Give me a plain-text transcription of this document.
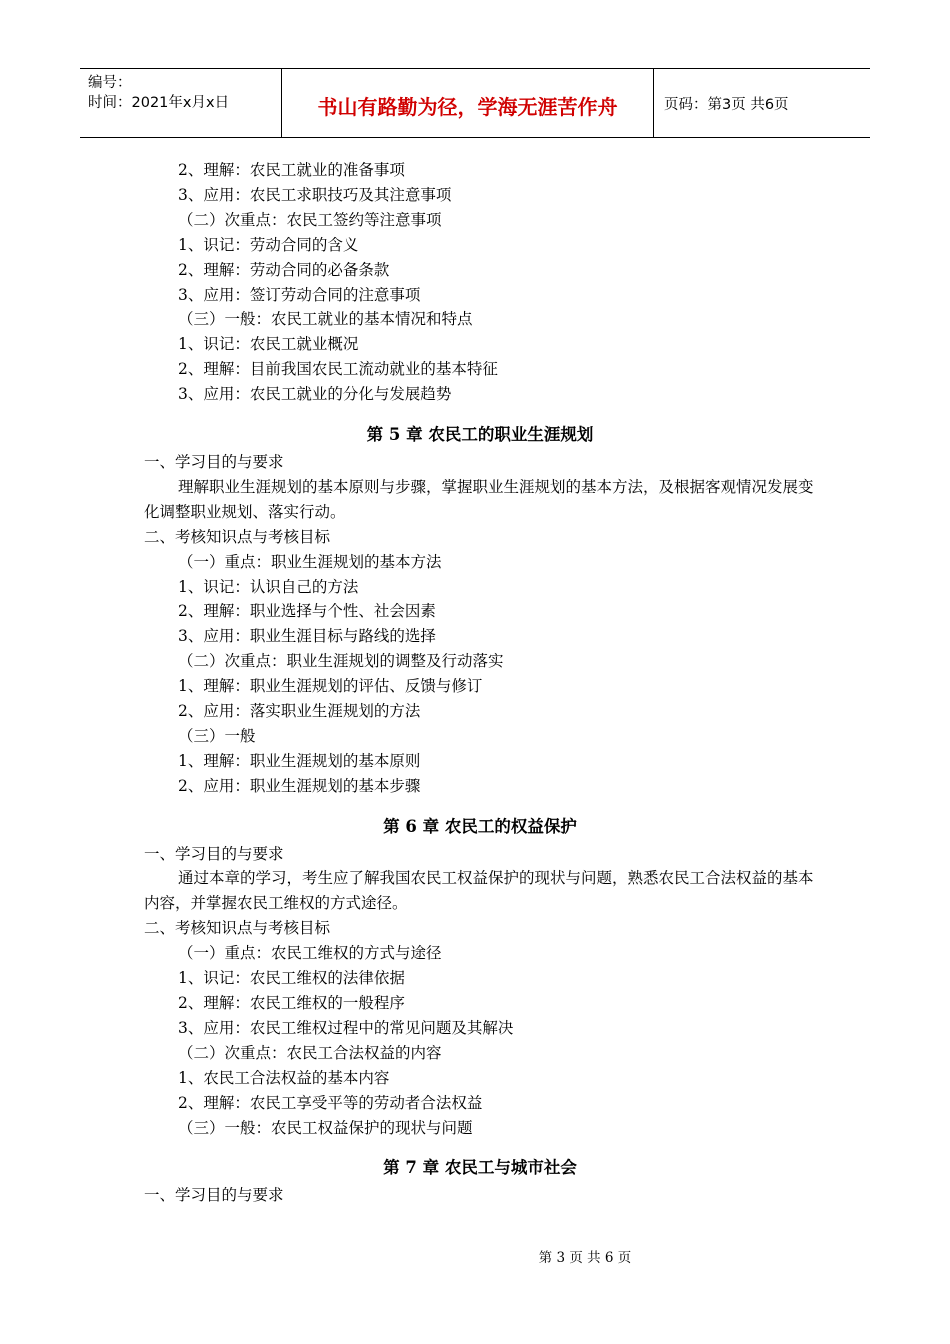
编号：
时间：2021年x月x日	书山有路勤为径，学海无涯苦作舟	页码：第3页 共6页
2、理解：农民工就业的准备事项
3、应用：农民工求职技巧及其注意事项
（二）次重点：农民工签约等注意事项
1、识记：劳动合同的含义
2、理解：劳动合同的必备条款
3、应用：签订劳动合同的注意事项
（三）一般：农民工就业的基本情况和特点
1、识记：农民工就业概况
2、理解：目前我国农民工流动就业的基本特征
3、应用：农民工就业的分化与发展趋势
第 5 章 农民工的职业生涯规划
一、学习目的与要求
理解职业生涯规划的基本原则与步骤，掌握职业生涯规划的基本方法，及根据客观情况发展变化调整职业规划、落实行动。
二、考核知识点与考核目标
（一）重点：职业生涯规划的基本方法
1、识记：认识自己的方法
2、理解：职业选择与个性、社会因素
3、应用：职业生涯目标与路线的选择
（二）次重点：职业生涯规划的调整及行动落实
1、理解：职业生涯规划的评估、反馈与修订
2、应用：落实职业生涯规划的方法
（三）一般
1、理解：职业生涯规划的基本原则
2、应用：职业生涯规划的基本步骤
第 6 章 农民工的权益保护
一、学习目的与要求
通过本章的学习，考生应了解我国农民工权益保护的现状与问题，熟悉农民工合法权益的基本内容，并掌握农民工维权的方式途径。
二、考核知识点与考核目标
（一）重点：农民工维权的方式与途径
1、识记：农民工维权的法律依据
2、理解：农民工维权的一般程序
3、应用：农民工维权过程中的常见问题及其解决
（二）次重点：农民工合法权益的内容
1、农民工合法权益的基本内容
2、理解：农民工享受平等的劳动者合法权益
（三）一般：农民工权益保护的现状与问题
第 7 章 农民工与城市社会
一、学习目的与要求
第 3 页 共 6 页
